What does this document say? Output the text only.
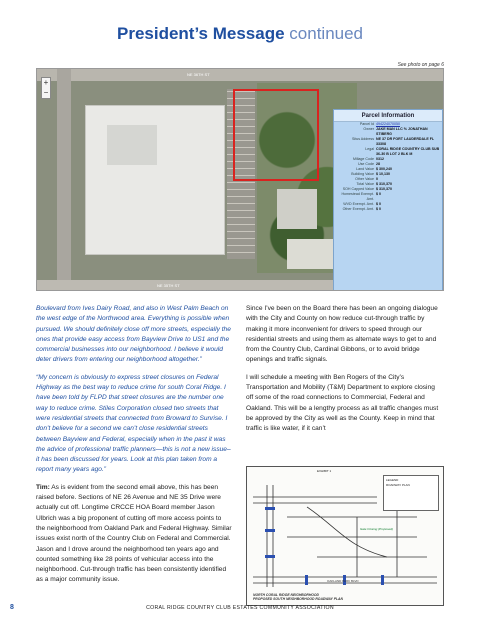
President’s Message continued
See photo on page 6
+
−
NE 36TH ST
NE 35TH ST
Parcel Information
Parcel Id 494224070050
Owner JAKE MAN LLC % JONATHAN STIBERG
Situs Address NE 37 DR FORT LAUDERDALE FL 33308
Legal CORAL RIDGE COUNTRY CLUB SUB 36-30 B LOT 2 BLK M
Millage Code 0312
Use Code 28
Land Value $ 300,240
Building Value $ 10,130
Other Value 0
Total Value $ 310,370
SOH Capped Value $ 310,370
Homestead Exempt. Amt.
$ 0
WVD Exempt. Amt. $ 0
Other Exempt. Amt. $ 0

Boulevard from Ives Dairy Road, and also in West Palm Beach on the west edge of the Northwood area. Everything is possible when pursued. We should definitely close off more streets, especially the ones that provide easy access from Bayview Drive to US1 and the commercial businesses into our neighborhood. I believe it would deter drivers from entering our neighborhood altogether.”

“My concern is obviously to express street closures on Federal Highway as the best way to reduce crime for south Coral Ridge. I have been told by FLPD that street closures are the number one way to reduce crime. Stiles Corporation closed two streets that were residential streets that connected from Broward to Sunrise. I don’t believe for a second we can’t close residential streets between Bayview and Federal, especially when in the past it was the advice of professional traffic planners—this is not a new issue–it has been discussed for years. Look at this plan taken from a report many years ago.”

Tim: As is evident from the second email above, this has been raised before. Sections of NE 26 Avenue and NE 35 Drive were actually cut off. Longtime CRCCE HOA Board member Jason Ulbrich was a big proponent of cutting off more access points to the neighborhood from Oakland Park and Federal Highway. Similar issues exist north of the Country Club on Federal and Commercial. Jason and I drove around the neighborhood ten years ago and counted something like 28 points of vehicular access into the neighborhood. Cut-through traffic has been consistently identified as a major community issue.

Since I’ve been on the Board there has been an ongoing dialogue with the City and County on how reduce cut-through traffic by making it more inconvenient for drivers to speed through our residential streets and using them as alternate ways to get to and from the Country Club, Cardinal Gibbons, or to avoid bridge openings and traffic signals.

I will schedule a meeting with Ben Rogers of the City’s Transportation and Mobility (T&M) Department to explore closing off some of the road connections to Commercial, Federal and Oakland. This will be a lengthy process as all traffic changes must be approved by the City as well as the County. Keep in mind that traffic is like water, if it can’t

EXHIBIT 1
LEGEND
ROADWAY PLAN
Gate Closing (Proposed)
NORTH CORAL RIDGE NEIGHBORHOOD
PROPOSED SOUTH NEIGHBORHOOD ROADWAY PLAN
OAKLAND PARK BLVD
8	CORAL RIDGE COUNTRY CLUB ESTATES COMMUNITY ASSOCIATION
